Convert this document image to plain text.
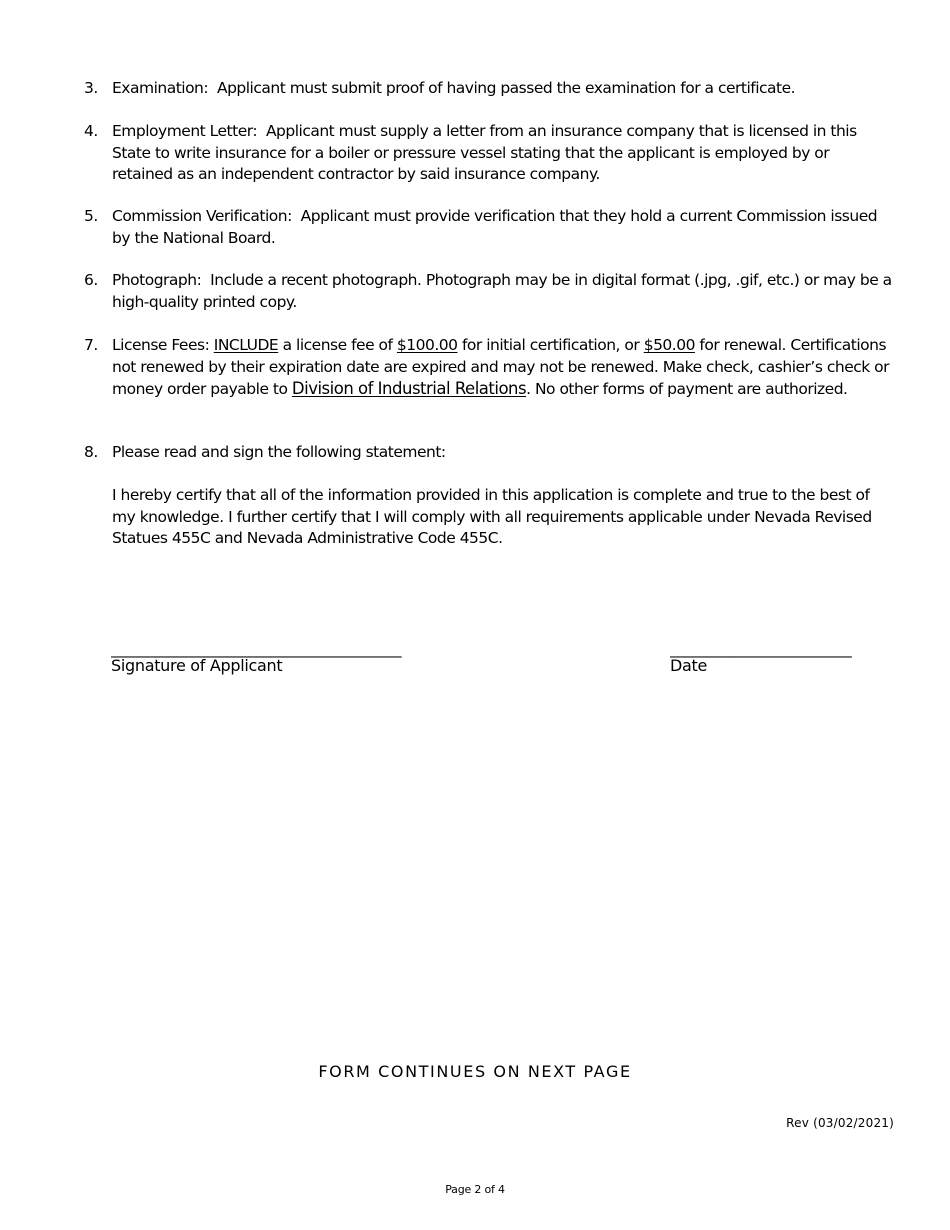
3. Examination: Applicant must submit proof of having passed the examination for a certificate.
4. Employment Letter: Applicant must supply a letter from an insurance company that is licensed in this State to write insurance for a boiler or pressure vessel stating that the applicant is employed by or retained as an independent contractor by said insurance company.
5. Commission Verification: Applicant must provide verification that they hold a current Commission issued by the National Board.
6. Photograph: Include a recent photograph. Photograph may be in digital format (.jpg, .gif, etc.) or may be a high-quality printed copy.
7. License Fees: INCLUDE a license fee of $100.00 for initial certification, or $50.00 for renewal. Certifications not renewed by their expiration date are expired and may not be renewed. Make check, cashier’s check or money order payable to Division of Industrial Relations. No other forms of payment are authorized.
8. Please read and sign the following statement:
I hereby certify that all of the information provided in this application is complete and true to the best of my knowledge. I further certify that I will comply with all requirements applicable under Nevada Revised Statues 455C and Nevada Administrative Code 455C.
________________________________________
Signature of Applicant
_________________________
Date
FORM CONTINUES ON NEXT PAGE
Rev (03/02/2021)
Page 2 of 4
